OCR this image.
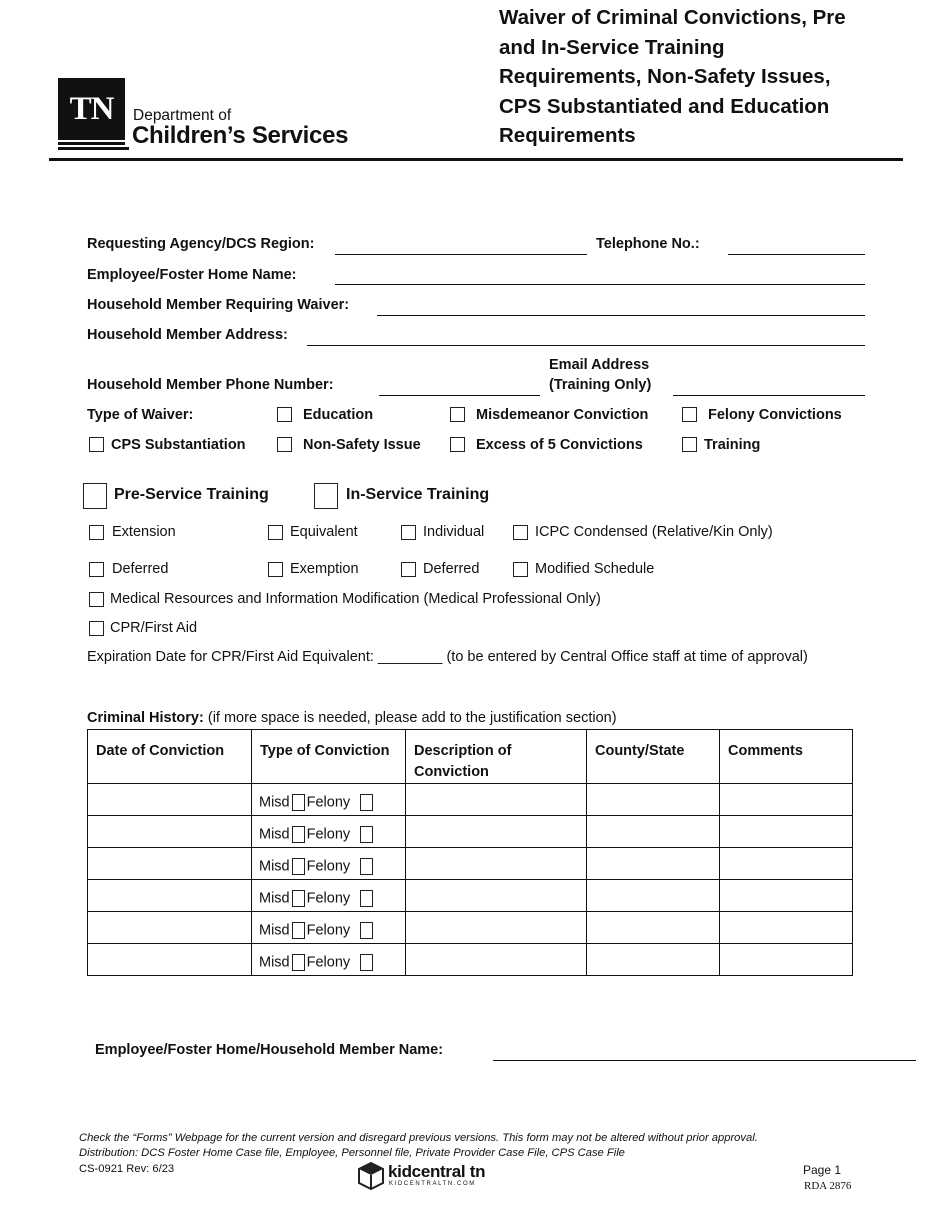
TN	Department of
Children’s Services
Waiver of Criminal Convictions, Pre
and In-Service Training
Requirements, Non-Safety Issues,
CPS Substantiated and Education
Requirements
Requesting Agency/DCS Region:	Telephone No.:
Employee/Foster Home Name:
Household Member Requiring Waiver:
Household Member Address:
Household Member Phone Number:
Email Address
(Training Only)
Type of Waiver:	Education	Misdemeanor Conviction	Felony Convictions
CPS Substantiation	Non-Safety Issue	Excess of 5 Convictions	Training
Pre-Service Training	In-Service Training
Extension	Equivalent	Individual	ICPC Condensed (Relative/Kin Only)
Deferred	Exemption	Deferred	Modified Schedule
Medical Resources and Information Modification (Medical Professional Only)
CPR/First Aid
Expiration Date for CPR/First Aid Equivalent: ________ (to be entered by Central Office staff at time of approval)
Criminal History: (if more space is needed, please add to the justification section)
Date of Conviction	Type of Conviction	Description of Conviction	County/State	Comments

	Misd Felony			

	Misd Felony			

	Misd Felony			

	Misd Felony			

	Misd Felony			

	Misd Felony			

Employee/Foster Home/Household Member Name:
Check the “Forms” Webpage for the current version and disregard previous versions. This form may not be altered without prior approval.
Distribution: DCS Foster Home Case file, Employee, Personnel file, Private Provider Case File, CPS Case File
CS-0921 Rev: 6/23	kidcentral tn
KIDCENTRALTN.COM
Page 1
RDA 2876
